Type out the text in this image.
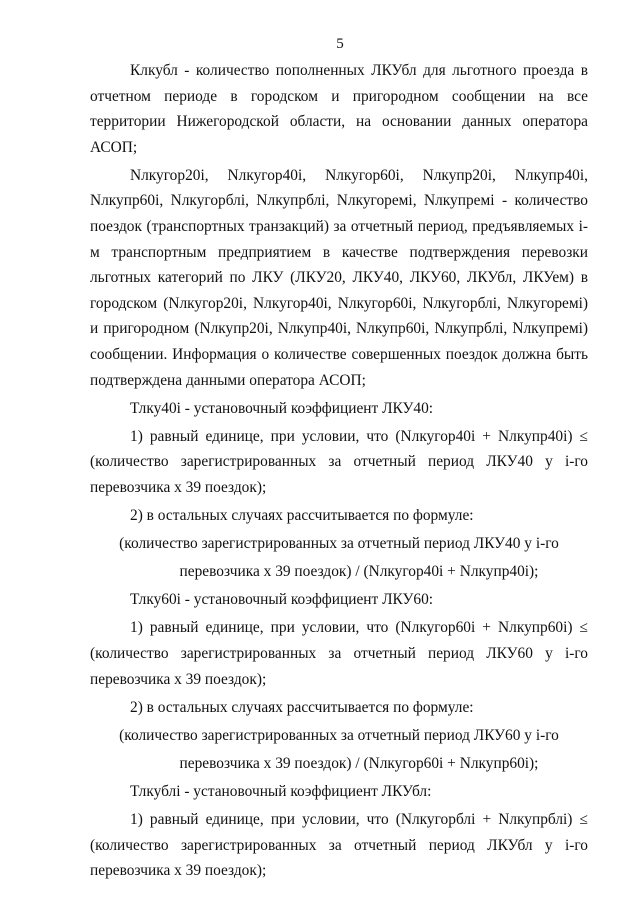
5

Клкубл - количество пополненных ЛКУбл для льготного проезда в отчетном периоде в городском и пригородном сообщении на все территории Нижегородской области, на основании данных оператора АСОП;

Nлкугор20i, Nлкугор40i, Nлкугор60i, Nлкупр20i, Nлкупр40i, Nлкупр60i, Nлкугорблi, Nлкупрблi, Nлкугоремi, Nлкупремi - количество поездок (транспортных транзакций) за отчетный период, предъявляемых i-м транспортным предприятием в качестве подтверждения перевозки льготных категорий по ЛКУ (ЛКУ20, ЛКУ40, ЛКУ60, ЛКУбл, ЛКУем) в городском (Nлкугор20i, Nлкугор40i, Nлкугор60i, Nлкугорблi, Nлкугоремi) и пригородном (Nлкупр20i, Nлкупр40i, Nлкупр60i, Nлкупрблi, Nлкупремi) сообщении. Информация о количестве совершенных поездок должна быть подтверждена данными оператора АСОП;

Тлку40i - установочный коэффициент ЛКУ40:

1) равный единице, при условии, что (Nлкугор40i + Nлкупр40i) ≤ (количество зарегистрированных за отчетный период ЛКУ40 у i-го перевозчика х 39 поездок);

2) в остальных случаях рассчитывается по формуле:

(количество зарегистрированных за отчетный период ЛКУ40 у i-го

перевозчика х 39 поездок) / (Nлкугор40i + Nлкупр40i);

Тлку60i - установочный коэффициент ЛКУ60:

1) равный единице, при условии, что (Nлкугор60i + Nлкупр60i) ≤ (количество зарегистрированных за отчетный период ЛКУ60 у i-го перевозчика х 39 поездок);

2) в остальных случаях рассчитывается по формуле:

(количество зарегистрированных за отчетный период ЛКУ60 у i-го

перевозчика х 39 поездок) / (Nлкугор60i + Nлкупр60i);

Тлкублi - установочный коэффициент ЛКУбл:

1) равный единице, при условии, что (Nлкугорблi + Nлкупрблi) ≤ (количество зарегистрированных за отчетный период ЛКУбл у i-го перевозчика х 39 поездок);
